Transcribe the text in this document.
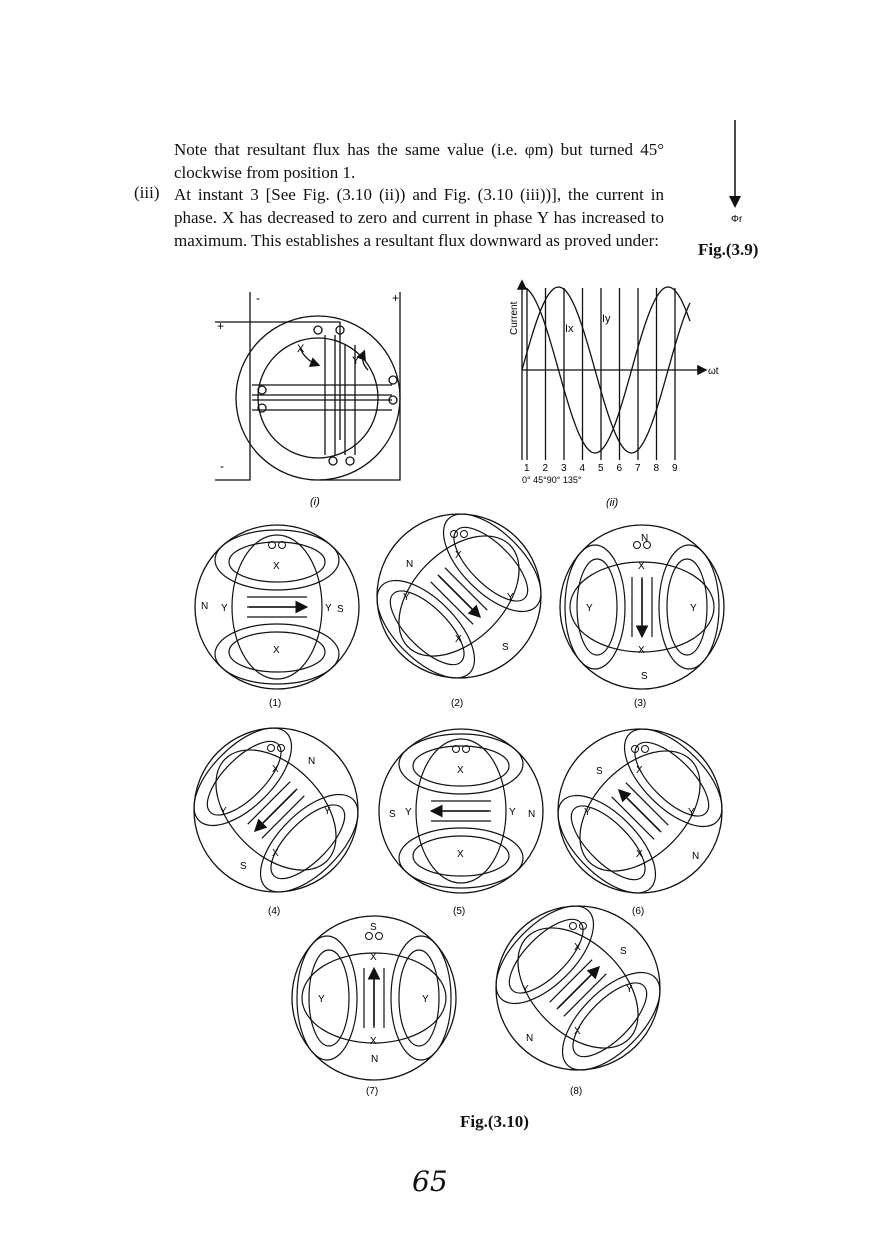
Note that resultant flux has the same value (i.e. φm) but turned 45° clockwise from position 1.

(iii) At instant 3 [See Fig. (3.10 (ii)) and Fig. (3.10 (iii))], the current in phase. X has decreased to zero and current in phase Y has increased to maximum. This establishes a resultant flux downward as proved under: Fig.(3.9)
Fig.(3.10)
65
Φr
-	+
+
-
X
Y
(i)
Current
ωt
Ix
Iy
1 2 3 4 5 6 7 8 9
0° 45°90° 135°
(ii)
N	S
X
X
Y	Y
(1)
N
S
X
X
Y	Y
(2)
N
S
X
X
Y	Y
(3)
N
S
X
X
Y	Y
(4)
N
S
X
X
Y	Y
(5)
N
S	X
X
Y	Y
(6)
N
S
X
X
Y	Y
(7)
N
S
X
X
Y	Y
(8)
